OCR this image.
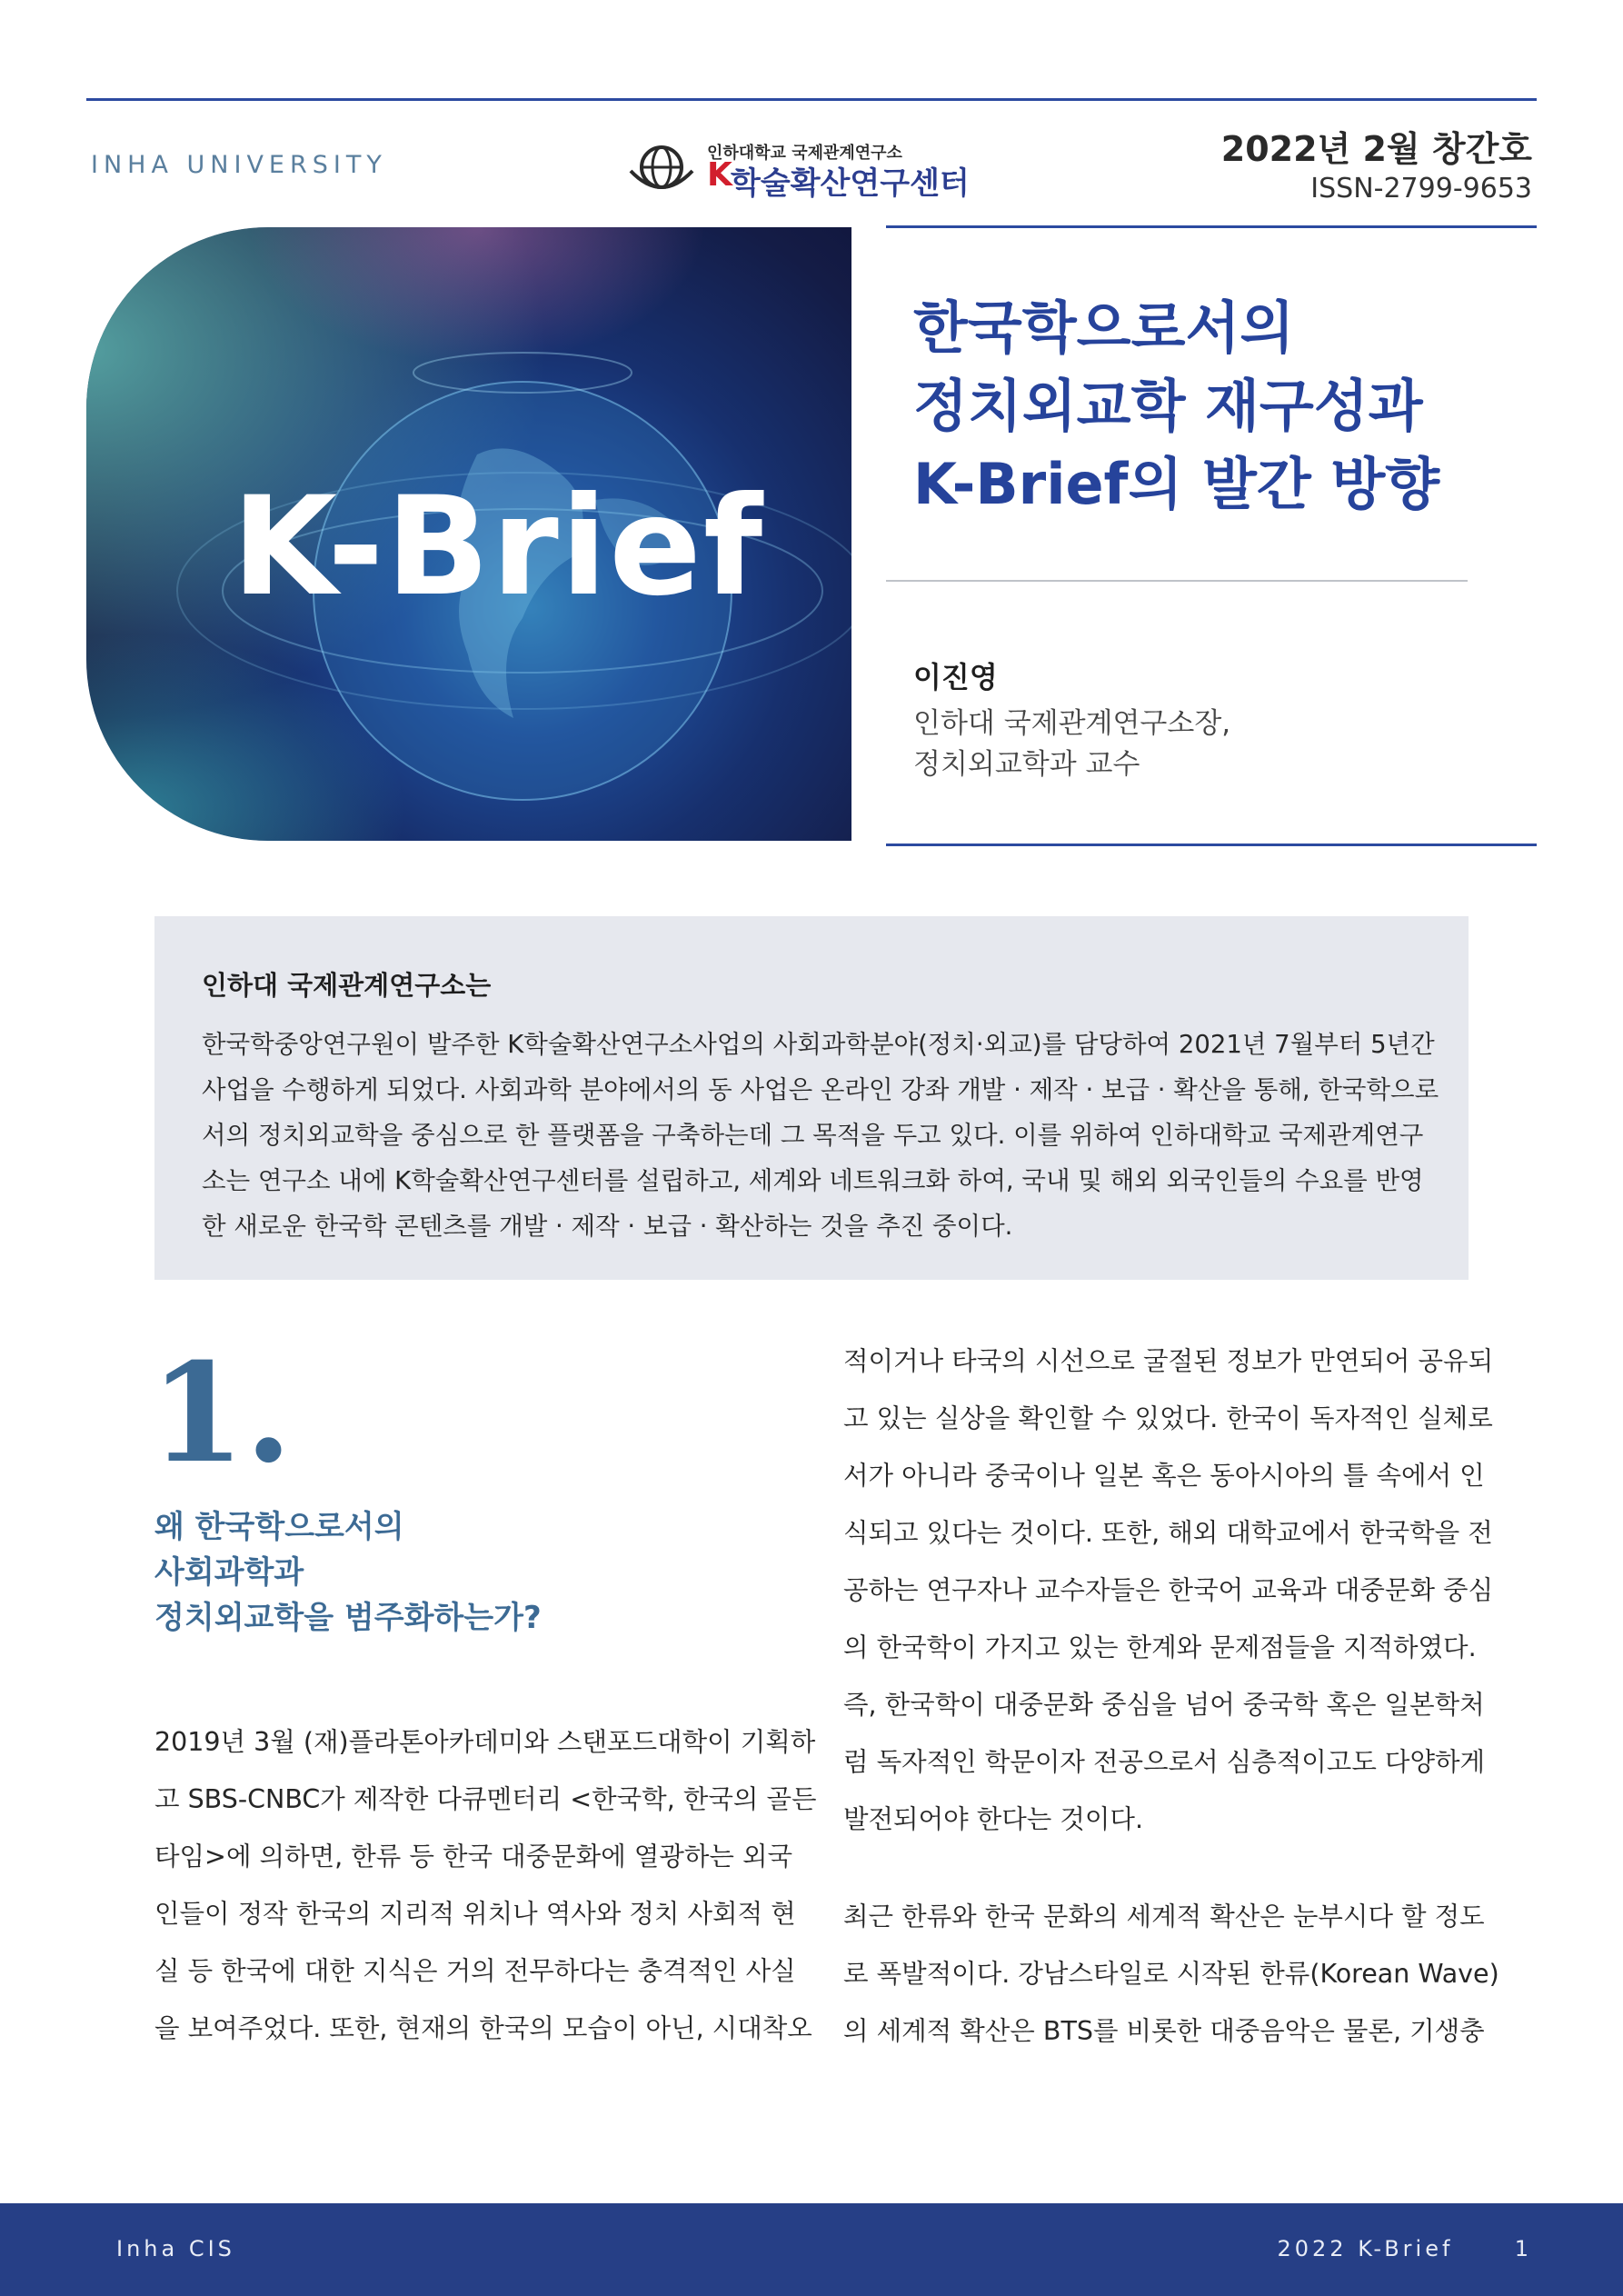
INHA UNIVERSITY	인하대학교 국제관계연구소
K
학술확산연구센터
2022년 2월 창간호
ISSN-2799-9653
K-Brief
한국학으로서의
정치외교학 재구성과
K-Brief의 발간 방향
이진영
인하대 국제관계연구소장,
정치외교학과 교수
인하대 국제관계연구소는
한국학중앙연구원이 발주한 K학술확산연구소사업의 사회과학분야(정치·외교)를 담당하여 2021년 7월부터 5년간
사업을 수행하게 되었다. 사회과학 분야에서의 동 사업은 온라인 강좌 개발 · 제작 · 보급 · 확산을 통해, 한국학으로
서의 정치외교학을 중심으로 한 플랫폼을 구축하는데 그 목적을 두고 있다. 이를 위하여 인하대학교 국제관계연구
소는 연구소 내에 K학술확산연구센터를 설립하고, 세계와 네트워크화 하여, 국내 및 해외 외국인들의 수요를 반영
한 새로운 한국학 콘텐츠를 개발 · 제작 · 보급 · 확산하는 것을 추진 중이다.
1.
왜 한국학으로서의
사회과학과
정치외교학을 범주화하는가?
2019년 3월 (재)플라톤아카데미와 스탠포드대학이 기획하
고 SBS-CNBC가 제작한 다큐멘터리 <한국학, 한국의 골든
타임>에 의하면, 한류 등 한국 대중문화에 열광하는 외국
인들이 정작 한국의 지리적 위치나 역사와 정치 사회적 현
실 등 한국에 대한 지식은 거의 전무하다는 충격적인 사실
을 보여주었다. 또한, 현재의 한국의 모습이 아닌, 시대착오
적이거나 타국의 시선으로 굴절된 정보가 만연되어 공유되
고 있는 실상을 확인할 수 있었다. 한국이 독자적인 실체로
서가 아니라 중국이나 일본 혹은 동아시아의 틀 속에서 인
식되고 있다는 것이다. 또한, 해외 대학교에서 한국학을 전
공하는 연구자나 교수자들은 한국어 교육과 대중문화 중심
의 한국학이 가지고 있는 한계와 문제점들을 지적하였다.
즉, 한국학이 대중문화 중심을 넘어 중국학 혹은 일본학처
럼 독자적인 학문이자 전공으로서 심층적이고도 다양하게
발전되어야 한다는 것이다.
최근 한류와 한국 문화의 세계적 확산은 눈부시다 할 정도
로 폭발적이다. 강남스타일로 시작된 한류(Korean Wave)
의 세계적 확산은 BTS를 비롯한 대중음악은 물론, 기생충
Inha CIS	2022 K-Brief	1
